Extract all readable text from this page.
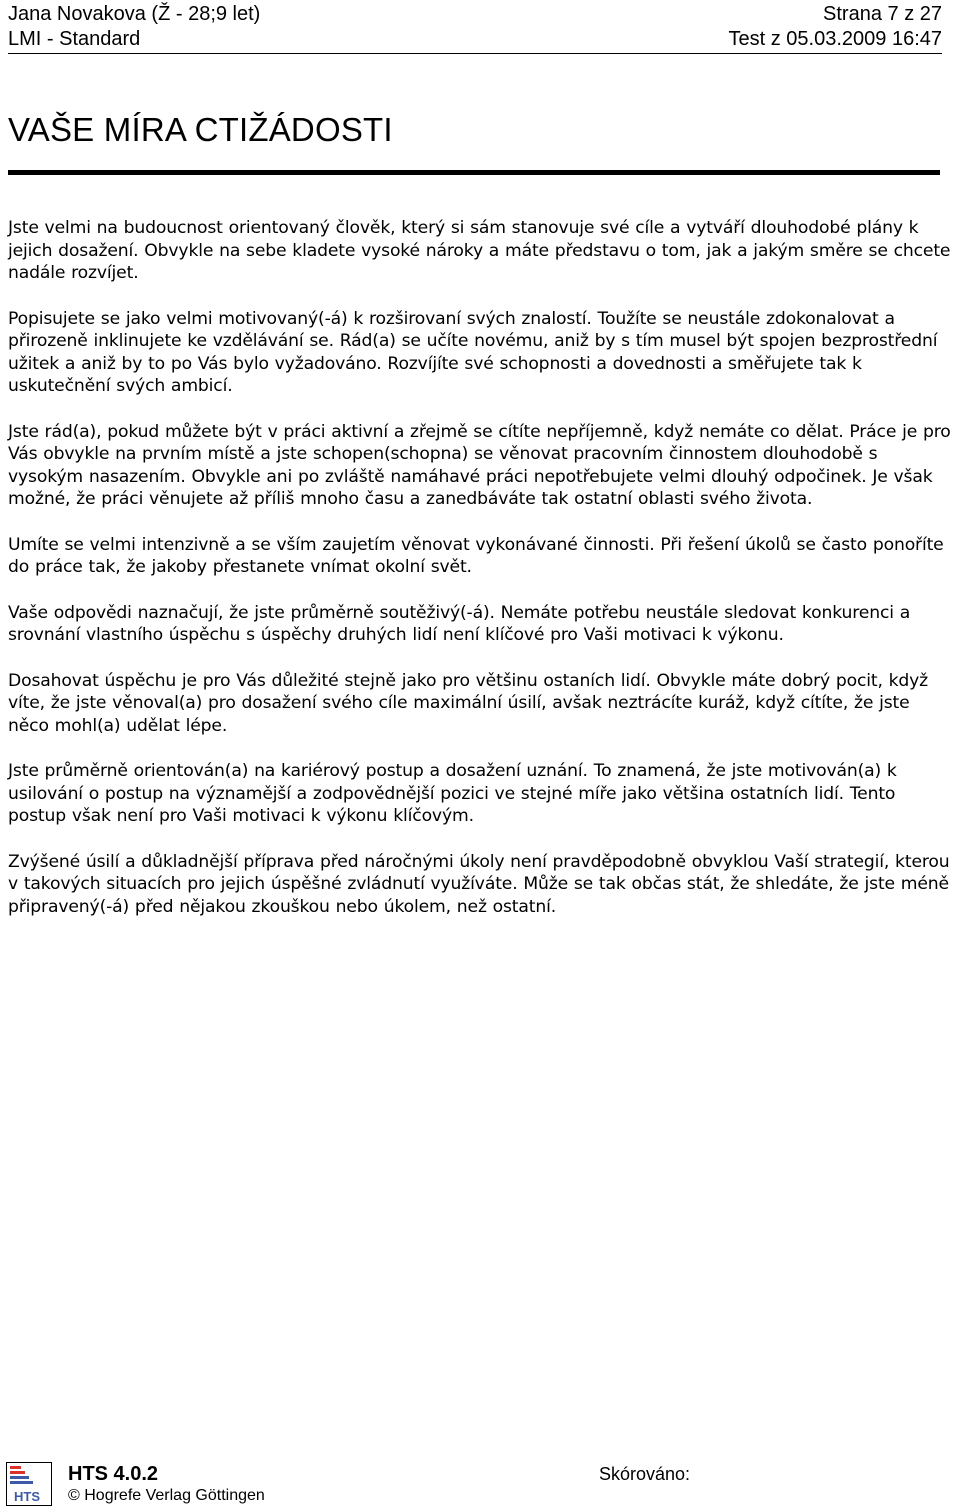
Jana Novakova (Ž - 28;9 let)	Strana 7 z 27
LMI - Standard	Test z 05.03.2009 16:47
VAŠE MÍRA CTIŽÁDOSTI

Jste velmi na budoucnost orientovaný člověk, který si sám stanovuje své cíle a vytváří dlouhodobé plány k jejich dosažení. Obvykle na sebe kladete vysoké nároky a máte představu o tom, jak a jakým směre se chcete nadále rozvíjet.

Popisujete se jako velmi motivovaný(-á) k rozširovaní svých znalostí. Toužíte se neustále zdokonalovat a přirozeně inklinujete ke vzdělávání se. Rád(a) se učíte novému, aniž by s tím musel být spojen bezprostřední užitek a aniž by to po Vás bylo vyžadováno. Rozvíjíte své schopnosti a dovednosti a směřujete tak k uskutečnění svých ambicí.

Jste rád(a), pokud můžete být v práci aktivní a zřejmě se cítíte nepříjemně, když nemáte co dělat. Práce je pro Vás obvykle na prvním místě a jste schopen(schopna) se věnovat pracovním činnostem dlouhodobě s vysokým nasazením. Obvykle ani po zvláště namáhavé práci nepotřebujete velmi dlouhý odpočinek. Je však možné, že práci věnujete až příliš mnoho času a zanedbáváte tak ostatní oblasti svého života.

Umíte se velmi intenzivně a se vším zaujetím věnovat vykonávané činnosti. Při řešení úkolů se často ponoříte do práce tak, že jakoby přestanete vnímat okolní svět.

Vaše odpovědi naznačují, že jste průměrně soutěživý(-á). Nemáte potřebu neustále sledovat konkurenci a srovnání vlastního úspěchu s úspěchy druhých lidí není klíčové pro Vaši motivaci k výkonu.

Dosahovat úspěchu je pro Vás důležité stejně jako pro většinu ostaních lidí. Obvykle máte dobrý pocit, když víte, že jste věnoval(a) pro dosažení svého cíle maximální úsilí, avšak neztrácíte kuráž, když cítíte, že jste něco mohl(a) udělat lépe.

Jste průměrně orientován(a) na kariérový postup a dosažení uznání. To znamená, že jste motivován(a) k usilování o postup na významější a zodpovědnější pozici ve stejné míře jako většina ostatních lidí. Tento postup však není pro Vaši motivaci k výkonu klíčovým.

Zvýšené úsilí a důkladnější příprava před náročnými úkoly není pravděpodobně obvyklou Vaší strategií, kterou v takových situacích pro jejich úspěšné zvládnutí využíváte. Může se tak občas stát, že shledáte, že jste méně připravený(-á) před nějakou zkouškou nebo úkolem, než ostatní.

HTS
HTS 4.0.2
© Hogrefe Verlag Göttingen
Skórováno:
